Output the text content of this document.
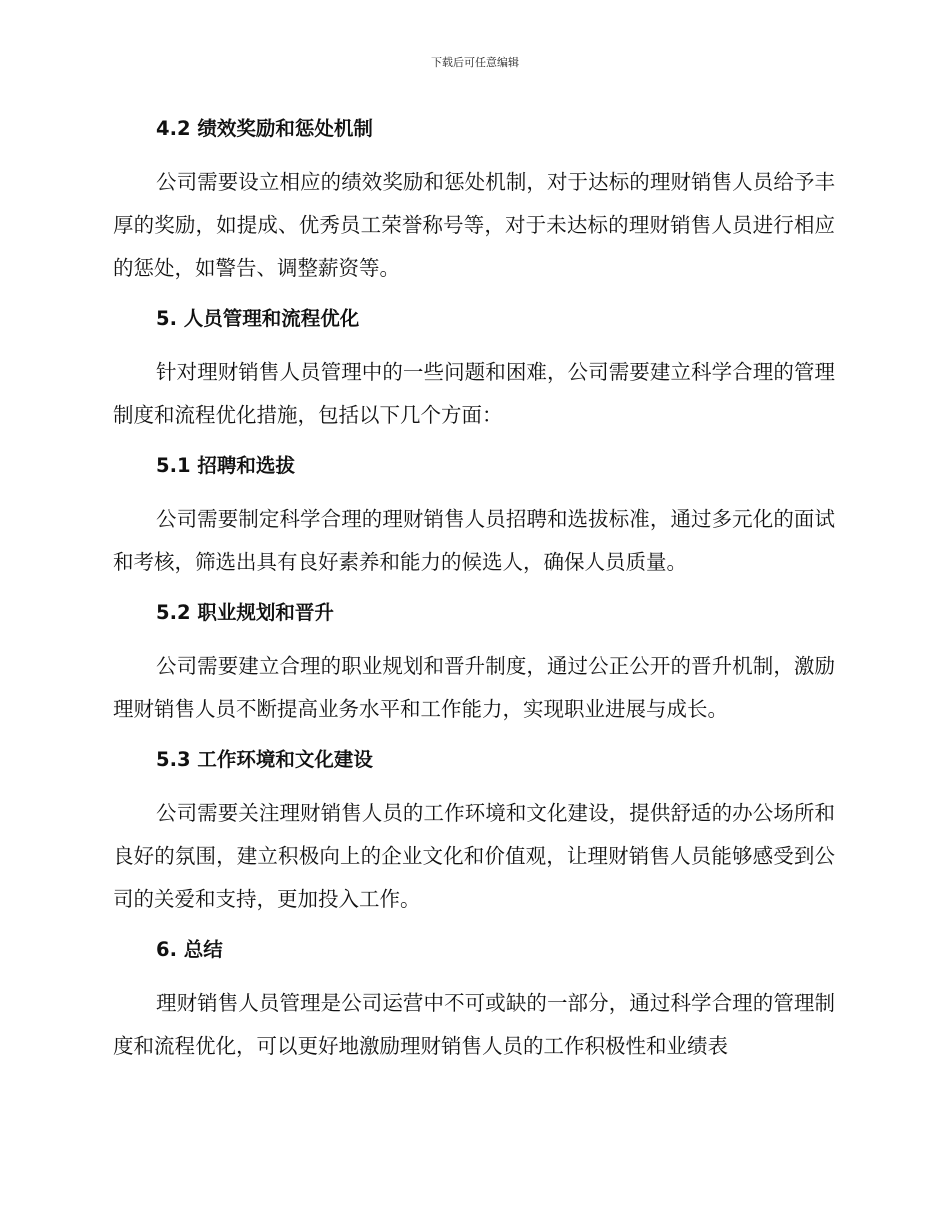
下载后可任意编辑
4.2 绩效奖励和惩处机制

公司需要设立相应的绩效奖励和惩处机制，对于达标的理财销售人员给予丰厚的奖励，如提成、优秀员工荣誉称号等，对于未达标的理财销售人员进行相应的惩处，如警告、调整薪资等。

5. 人员管理和流程优化

针对理财销售人员管理中的一些问题和困难，公司需要建立科学合理的管理制度和流程优化措施，包括以下几个方面：

5.1 招聘和选拔

公司需要制定科学合理的理财销售人员招聘和选拔标准，通过多元化的面试和考核，筛选出具有良好素养和能力的候选人，确保人员质量。

5.2 职业规划和晋升

公司需要建立合理的职业规划和晋升制度，通过公正公开的晋升机制，激励理财销售人员不断提高业务水平和工作能力，实现职业进展与成长。

5.3 工作环境和文化建设

公司需要关注理财销售人员的工作环境和文化建设，提供舒适的办公场所和良好的氛围，建立积极向上的企业文化和价值观，让理财销售人员能够感受到公司的关爱和支持，更加投入工作。

6. 总结

理财销售人员管理是公司运营中不可或缺的一部分，通过科学合理的管理制度和流程优化，可以更好地激励理财销售人员的工作积极性和业绩表
